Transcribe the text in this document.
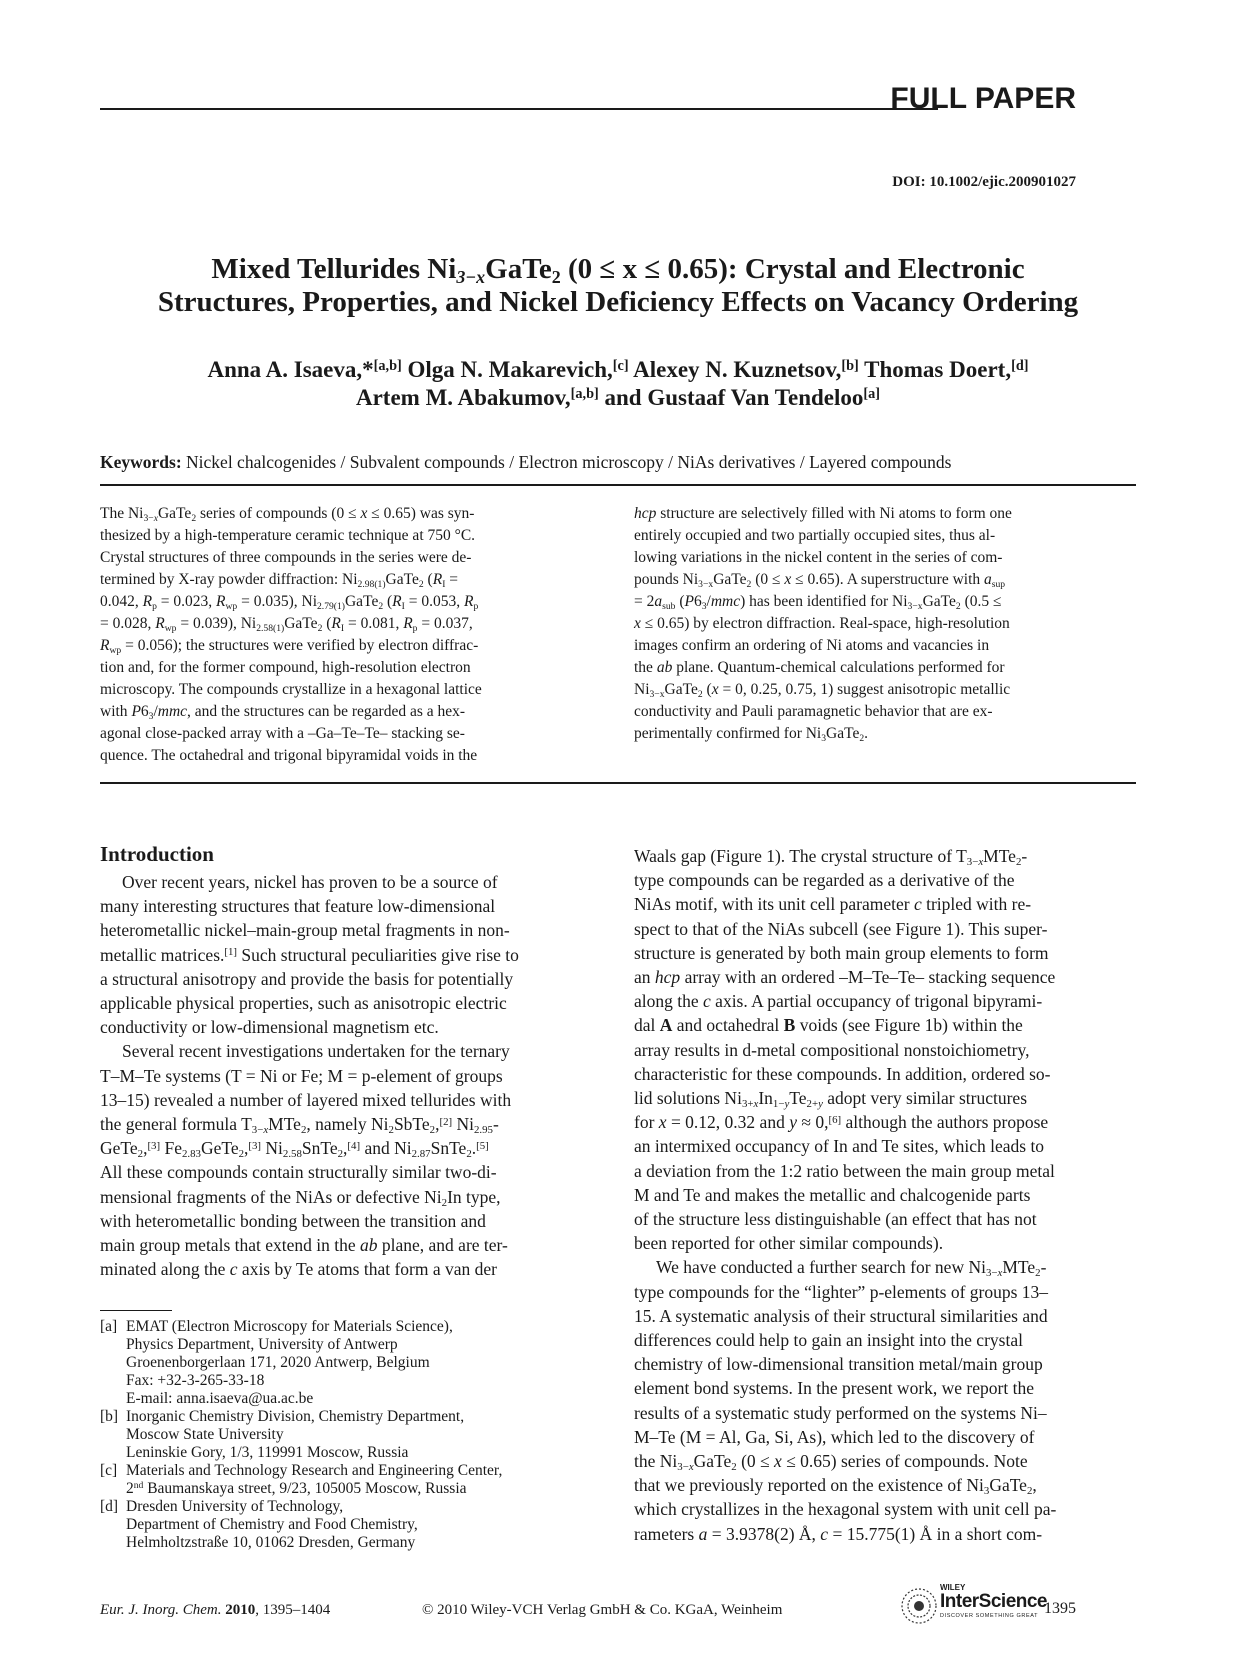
FULL PAPER
DOI: 10.1002/ejic.200901027
Mixed Tellurides $Ni_{3-x}GaTe_2$ (0 ≤ x ≤ 0.65): Crystal and Electronic
Structures, Properties, and Nickel Deficiency Effects on Vacancy Ordering
Anna A. Isaeva,*[a,b] Olga N. Makarevich,[c] Alexey N. Kuznetsov,[b] Thomas Doert,[d]
Artem M. Abakumov,[a,b] and Gustaaf Van Tendeloo[a]
Keywords: Nickel chalcogenides / Subvalent compounds / Electron microscopy / NiAs derivatives / Layered compounds
The $Ni_{3-x}GaTe_2$ series of compounds (0 ≤ x ≤ 0.65) was syn-
thesized by a high-temperature ceramic technique at 750 °C.
Crystal structures of three compounds in the series were de-
termined by X-ray powder diffraction: $Ni_{2.98(1)}GaTe_2$ ($R_I$ =
0.042, $R_p = 0.023$, $R_{wp} = 0.035$), $Ni_{2.79(1)}GaTe_2$ ($R_I = 0.053$, $R_p$
= 0.028, $R_{wp} = 0.039$), $Ni_{2.58(1)}GaTe_2$ ($R_I = 0.081$, $R_p = 0.037$,
$R_{wp} = 0.056$); the structures were verified by electron diffrac-
tion and, for the former compound, high-resolution electron
microscopy. The compounds crystallize in a hexagonal lattice
with $P6_3$/mmc, and the structures can be regarded as a hex-
agonal close-packed array with a –Ga–Te–Te– stacking se-
quence. The octahedral and trigonal bipyramidal voids in the
hcp structure are selectively filled with Ni atoms to form one
entirely occupied and two partially occupied sites, thus al-
lowing variations in the nickel content in the series of com-
pounds $Ni_{3-x}GaTe_2$ (0 ≤ x ≤ 0.65). A superstructure with $a_{sup}$
= $2a_{sub}$ $(P6_3/mmc)$ has been identified for $Ni_{3-x}GaTe_2$ (0.5 ≤
x ≤ 0.65) by electron diffraction. Real-space, high-resolution
images confirm an ordering of Ni atoms and vacancies in
the ab plane. Quantum-chemical calculations performed for
$Ni_{3-x}GaTe_2$ (x = 0, 0.25, 0.75, 1) suggest anisotropic metallic
conductivity and Pauli paramagnetic behavior that are ex-
perimentally confirmed for $Ni_3GaTe_2$.
Introduction
Over recent years, nickel has proven to be a source of
many interesting structures that feature low-dimensional
heterometallic nickel–main-group metal fragments in non-
metallic matrices.[1] Such structural peculiarities give rise to
a structural anisotropy and provide the basis for potentially
applicable physical properties, such as anisotropic electric
conductivity or low-dimensional magnetism etc.
Several recent investigations undertaken for the ternary
T–M–Te systems (T = Ni or Fe; M = p-element of groups
13–15) revealed a number of layered mixed tellurides with
the general formula $T_{3-x}MTe_2$, namely $Ni_2SbTe_2,[2]$ $Ni_{2.95}-$
GeTe$_2$,[3] $Fe_{2.83}GeTe_2,[3]$ $Ni_{2.58}SnTe_2,[4]$ and $Ni_{2.87}SnTe_2.[5]$
All these compounds contain structurally similar two-di-
mensional fragments of the NiAs or defective $Ni_2In$ type,
with heterometallic bonding between the transition and
main group metals that extend in the ab plane, and are ter-
minated along the c axis by Te atoms that form a van der
Waals gap (Figure 1). The crystal structure of $T_{3-x}MTe_2-$
type compounds can be regarded as a derivative of the
NiAs motif, with its unit cell parameter c tripled with re-
spect to that of the NiAs subcell (see Figure 1). This super-
structure is generated by both main group elements to form
an hcp array with an ordered –M–Te–Te– stacking sequence
along the c axis. A partial occupancy of trigonal bipyrami-
dal A and octahedral B voids (see Figure 1b) within the
array results in d-metal compositional nonstoichiometry,
characteristic for these compounds. In addition, ordered so-
lid solutions $Ni_{3+x}In_{1-y}Te_{2+y}$ adopt very similar structures
for x = 0.12, 0.32 and y ≈ 0,[6] although the authors propose
an intermixed occupancy of In and Te sites, which leads to
a deviation from the 1:2 ratio between the main group metal
M and Te and makes the metallic and chalcogenide parts
of the structure less distinguishable (an effect that has not
been reported for other similar compounds).
We have conducted a further search for new $Ni_{3-x}MTe_2-$
type compounds for the “lighter” p-elements of groups 13–
15. A systematic analysis of their structural similarities and
differences could help to gain an insight into the crystal
chemistry of low-dimensional transition metal/main group
element bond systems. In the present work, we report the
results of a systematic study performed on the systems Ni–
M–Te (M = Al, Ga, Si, As), which led to the discovery of
the $Ni_{3-x}GaTe_2$ (0 ≤ x ≤ 0.65) series of compounds. Note
that we previously reported on the existence of $Ni_3GaTe_2$,
which crystallizes in the hexagonal system with unit cell pa-
rameters a = 3.9378(2) Å, c = 15.775(1) Å in a short com-
[a] EMAT (Electron Microscopy for Materials Science),
Physics Department, University of Antwerp
Groenenborgerlaan 171, 2020 Antwerp, Belgium
Fax: +32-3-265-33-18
E-mail: anna.isaeva@ua.ac.be
[b] Inorganic Chemistry Division, Chemistry Department,
Moscow State University
Leninskie Gory, 1/3, 119991 Moscow, Russia
[c] Materials and Technology Research and Engineering Center,
2nd Baumanskaya street, 9/23, 105005 Moscow, Russia
[d] Dresden University of Technology,
Department of Chemistry and Food Chemistry,
Helmholtzstraße 10, 01062 Dresden, Germany
Eur. J. Inorg. Chem. 2010, 1395–1404	© 2010 Wiley-VCH Verlag GmbH & Co. KGaA, Weinheim
WILEY
InterScience
DISCOVER SOMETHING GREAT 1395
